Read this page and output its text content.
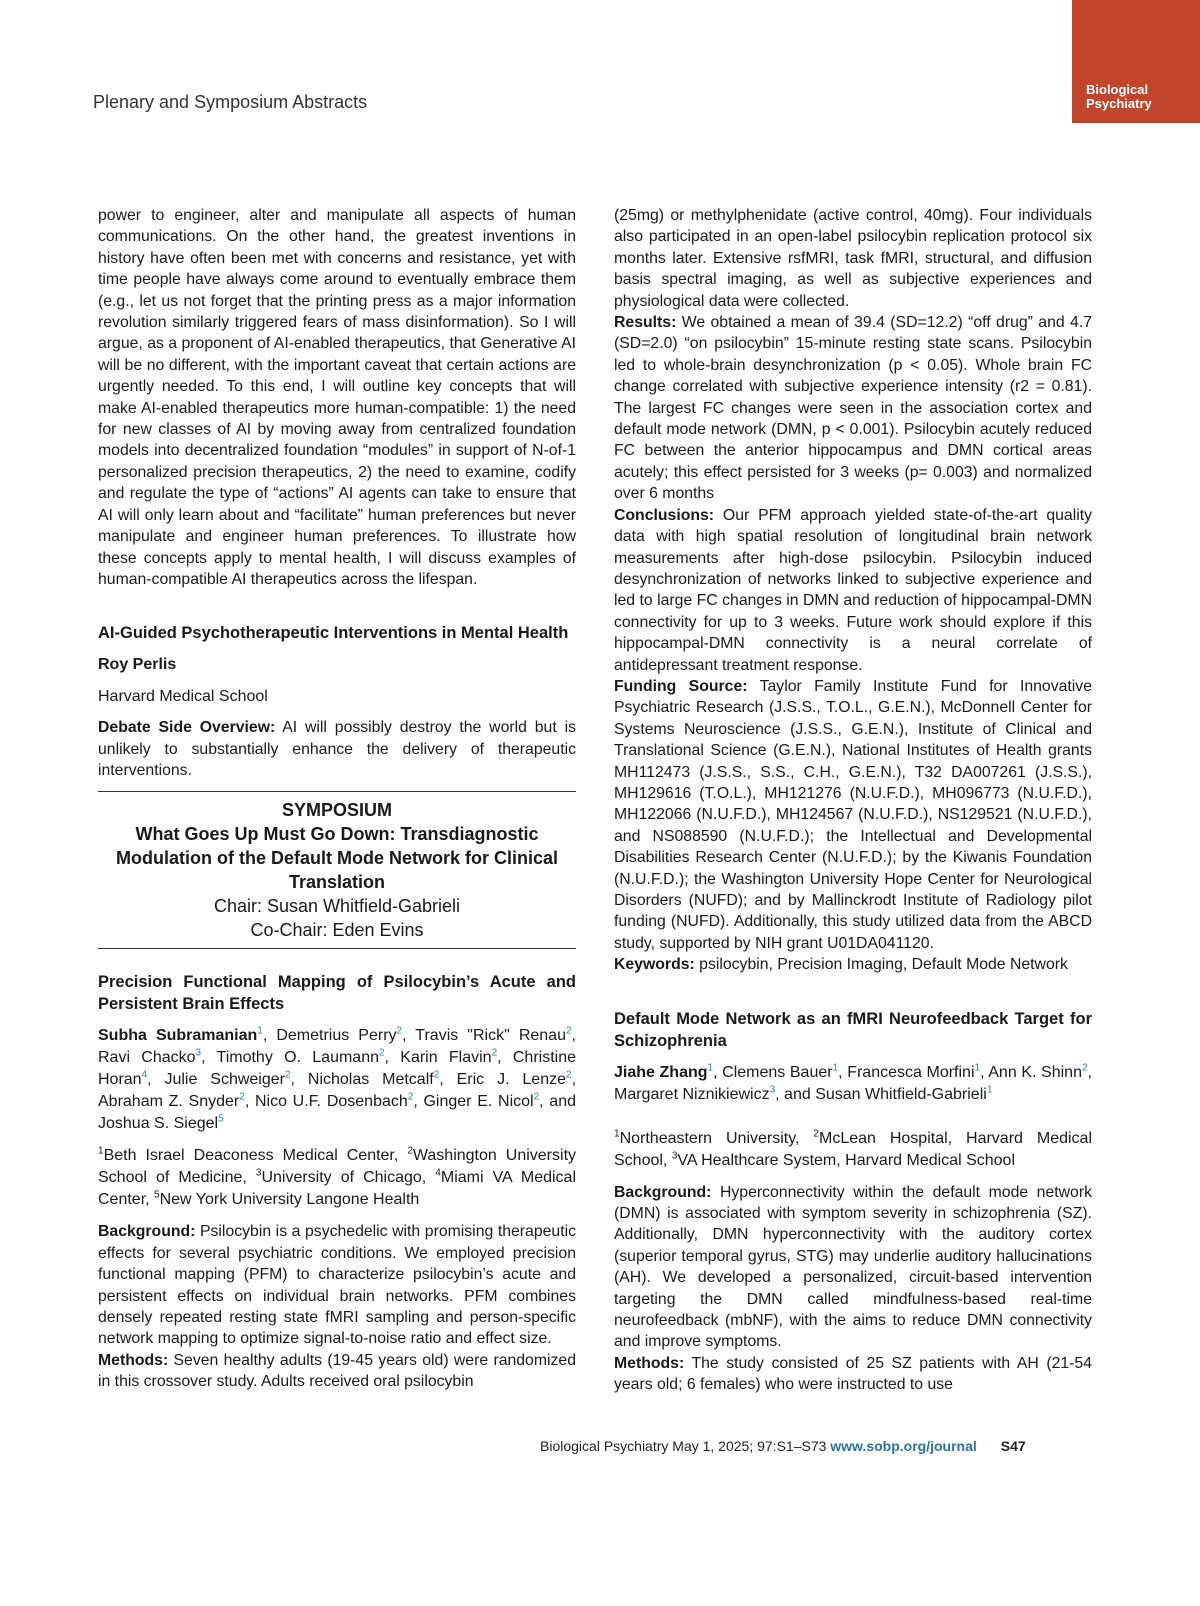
Plenary and Symposium Abstracts
Biological
Psychiatry

power to engineer, alter and manipulate all aspects of human communications. On the other hand, the greatest inventions in history have often been met with concerns and resistance, yet with time people have always come around to eventually embrace them (e.g., let us not forget that the printing press as a major information revolution similarly triggered fears of mass disinformation). So I will argue, as a proponent of AI-enabled therapeutics, that Generative AI will be no different, with the important caveat that certain actions are urgently needed. To this end, I will outline key concepts that will make AI-enabled therapeutics more human-compatible: 1) the need for new classes of AI by moving away from centralized foundation models into decentralized foundation “modules” in support of N-of-1 personalized precision therapeutics, 2) the need to examine, codify and regulate the type of “actions” AI agents can take to ensure that AI will only learn about and “facilitate” human preferences but never manipulate and engineer human preferences. To illustrate how these concepts apply to mental health, I will discuss examples of human-compatible AI therapeutics across the lifespan.

AI-Guided Psychotherapeutic Interventions in Mental Health

Roy Perlis

Harvard Medical School

Debate Side Overview: AI will possibly destroy the world but is unlikely to substantially enhance the delivery of therapeutic interventions.

SYMPOSIUM
What Goes Up Must Go Down: Transdiagnostic Modulation of the Default Mode Network for Clinical Translation
Chair: Susan Whitfield-Gabrieli
Co-Chair: Eden Evins

Precision Functional Mapping of Psilocybin’s Acute and Persistent Brain Effects

Subha Subramanian$^1$, Demetrius Perry$^2$, Travis "Rick" Renau$^2$, Ravi Chacko$^3$, Timothy O. Laumann$^2$, Karin Flavin$^2$, Christine Horan$^4$, Julie Schweiger$^2$, Nicholas Metcalf$^2$, Eric J. Lenze$^2$, Abraham Z. Snyder$^2$, Nico U.F. Dosenbach$^2$, Ginger E. Nicol$^2$, and Joshua S. Siegel$^5$

$^1$Beth Israel Deaconess Medical Center, $^2$Washington University School of Medicine, $^3$University of Chicago, $^4$Miami VA Medical Center, $^5$New York University Langone Health

Background: Psilocybin is a psychedelic with promising therapeutic effects for several psychiatric conditions. We employed precision functional mapping (PFM) to characterize psilocybin’s acute and persistent effects on individual brain networks. PFM combines densely repeated resting state fMRI sampling and person-specific network mapping to optimize signal-to-noise ratio and effect size.

Methods: Seven healthy adults (19-45 years old) were randomized in this crossover study. Adults received oral psilocybin

(25mg) or methylphenidate (active control, 40mg). Four individuals also participated in an open-label psilocybin replication protocol six months later. Extensive rsfMRI, task fMRI, structural, and diffusion basis spectral imaging, as well as subjective experiences and physiological data were collected.

Results: We obtained a mean of 39.4 (SD=12.2) “off drug” and 4.7 (SD=2.0) “on psilocybin” 15-minute resting state scans. Psilocybin led to whole-brain desynchronization (p < 0.05). Whole brain FC change correlated with subjective experience intensity (r2 = 0.81). The largest FC changes were seen in the association cortex and default mode network (DMN, p < 0.001). Psilocybin acutely reduced FC between the anterior hippocampus and DMN cortical areas acutely; this effect persisted for 3 weeks (p= 0.003) and normalized over 6 months

Conclusions: Our PFM approach yielded state-of-the-art quality data with high spatial resolution of longitudinal brain network measurements after high-dose psilocybin. Psilocybin induced desynchronization of networks linked to subjective experience and led to large FC changes in DMN and reduction of hippocampal-DMN connectivity for up to 3 weeks. Future work should explore if this hippocampal-DMN connectivity is a neural correlate of antidepressant treatment response.

Funding Source: Taylor Family Institute Fund for Innovative Psychiatric Research (J.S.S., T.O.L., G.E.N.), McDonnell Center for Systems Neuroscience (J.S.S., G.E.N.), Institute of Clinical and Translational Science (G.E.N.), National Institutes of Health grants MH112473 (J.S.S., S.S., C.H., G.E.N.), T32 DA007261 (J.S.S.), MH129616 (T.O.L.), MH121276 (N.U.F.D.), MH096773 (N.U.F.D.), MH122066 (N.U.F.D.), MH124567 (N.U.F.D.), NS129521 (N.U.F.D.), and NS088590 (N.U.F.D.); the Intellectual and Developmental Disabilities Research Center (N.U.F.D.); by the Kiwanis Foundation (N.U.F.D.); the Washington University Hope Center for Neurological Disorders (NUFD); and by Mallinckrodt Institute of Radiology pilot funding (NUFD). Additionally, this study utilized data from the ABCD study, supported by NIH grant U01DA041120.

Keywords: psilocybin, Precision Imaging, Default Mode Network

Default Mode Network as an fMRI Neurofeedback Target for Schizophrenia

Jiahe Zhang$^1$, Clemens Bauer$^1$, Francesca Morfini$^1$, Ann K. Shinn$^2$, Margaret Niznikiewicz$^3$, and Susan Whitfield-Gabrieli$^1$

$^1$Northeastern University, $^2$McLean Hospital, Harvard Medical School, $^3$VA Healthcare System, Harvard Medical School

Background: Hyperconnectivity within the default mode network (DMN) is associated with symptom severity in schizophrenia (SZ). Additionally, DMN hyperconnectivity with the auditory cortex (superior temporal gyrus, STG) may underlie auditory hallucinations (AH). We developed a personalized, circuit-based intervention targeting the DMN called mindfulness-based real-time neurofeedback (mbNF), with the aims to reduce DMN connectivity and improve symptoms.

Methods: The study consisted of 25 SZ patients with AH (21-54 years old; 6 females) who were instructed to use

Biological Psychiatry May 1, 2025; 97:S1–S73 www.sobp.org/journal S47
